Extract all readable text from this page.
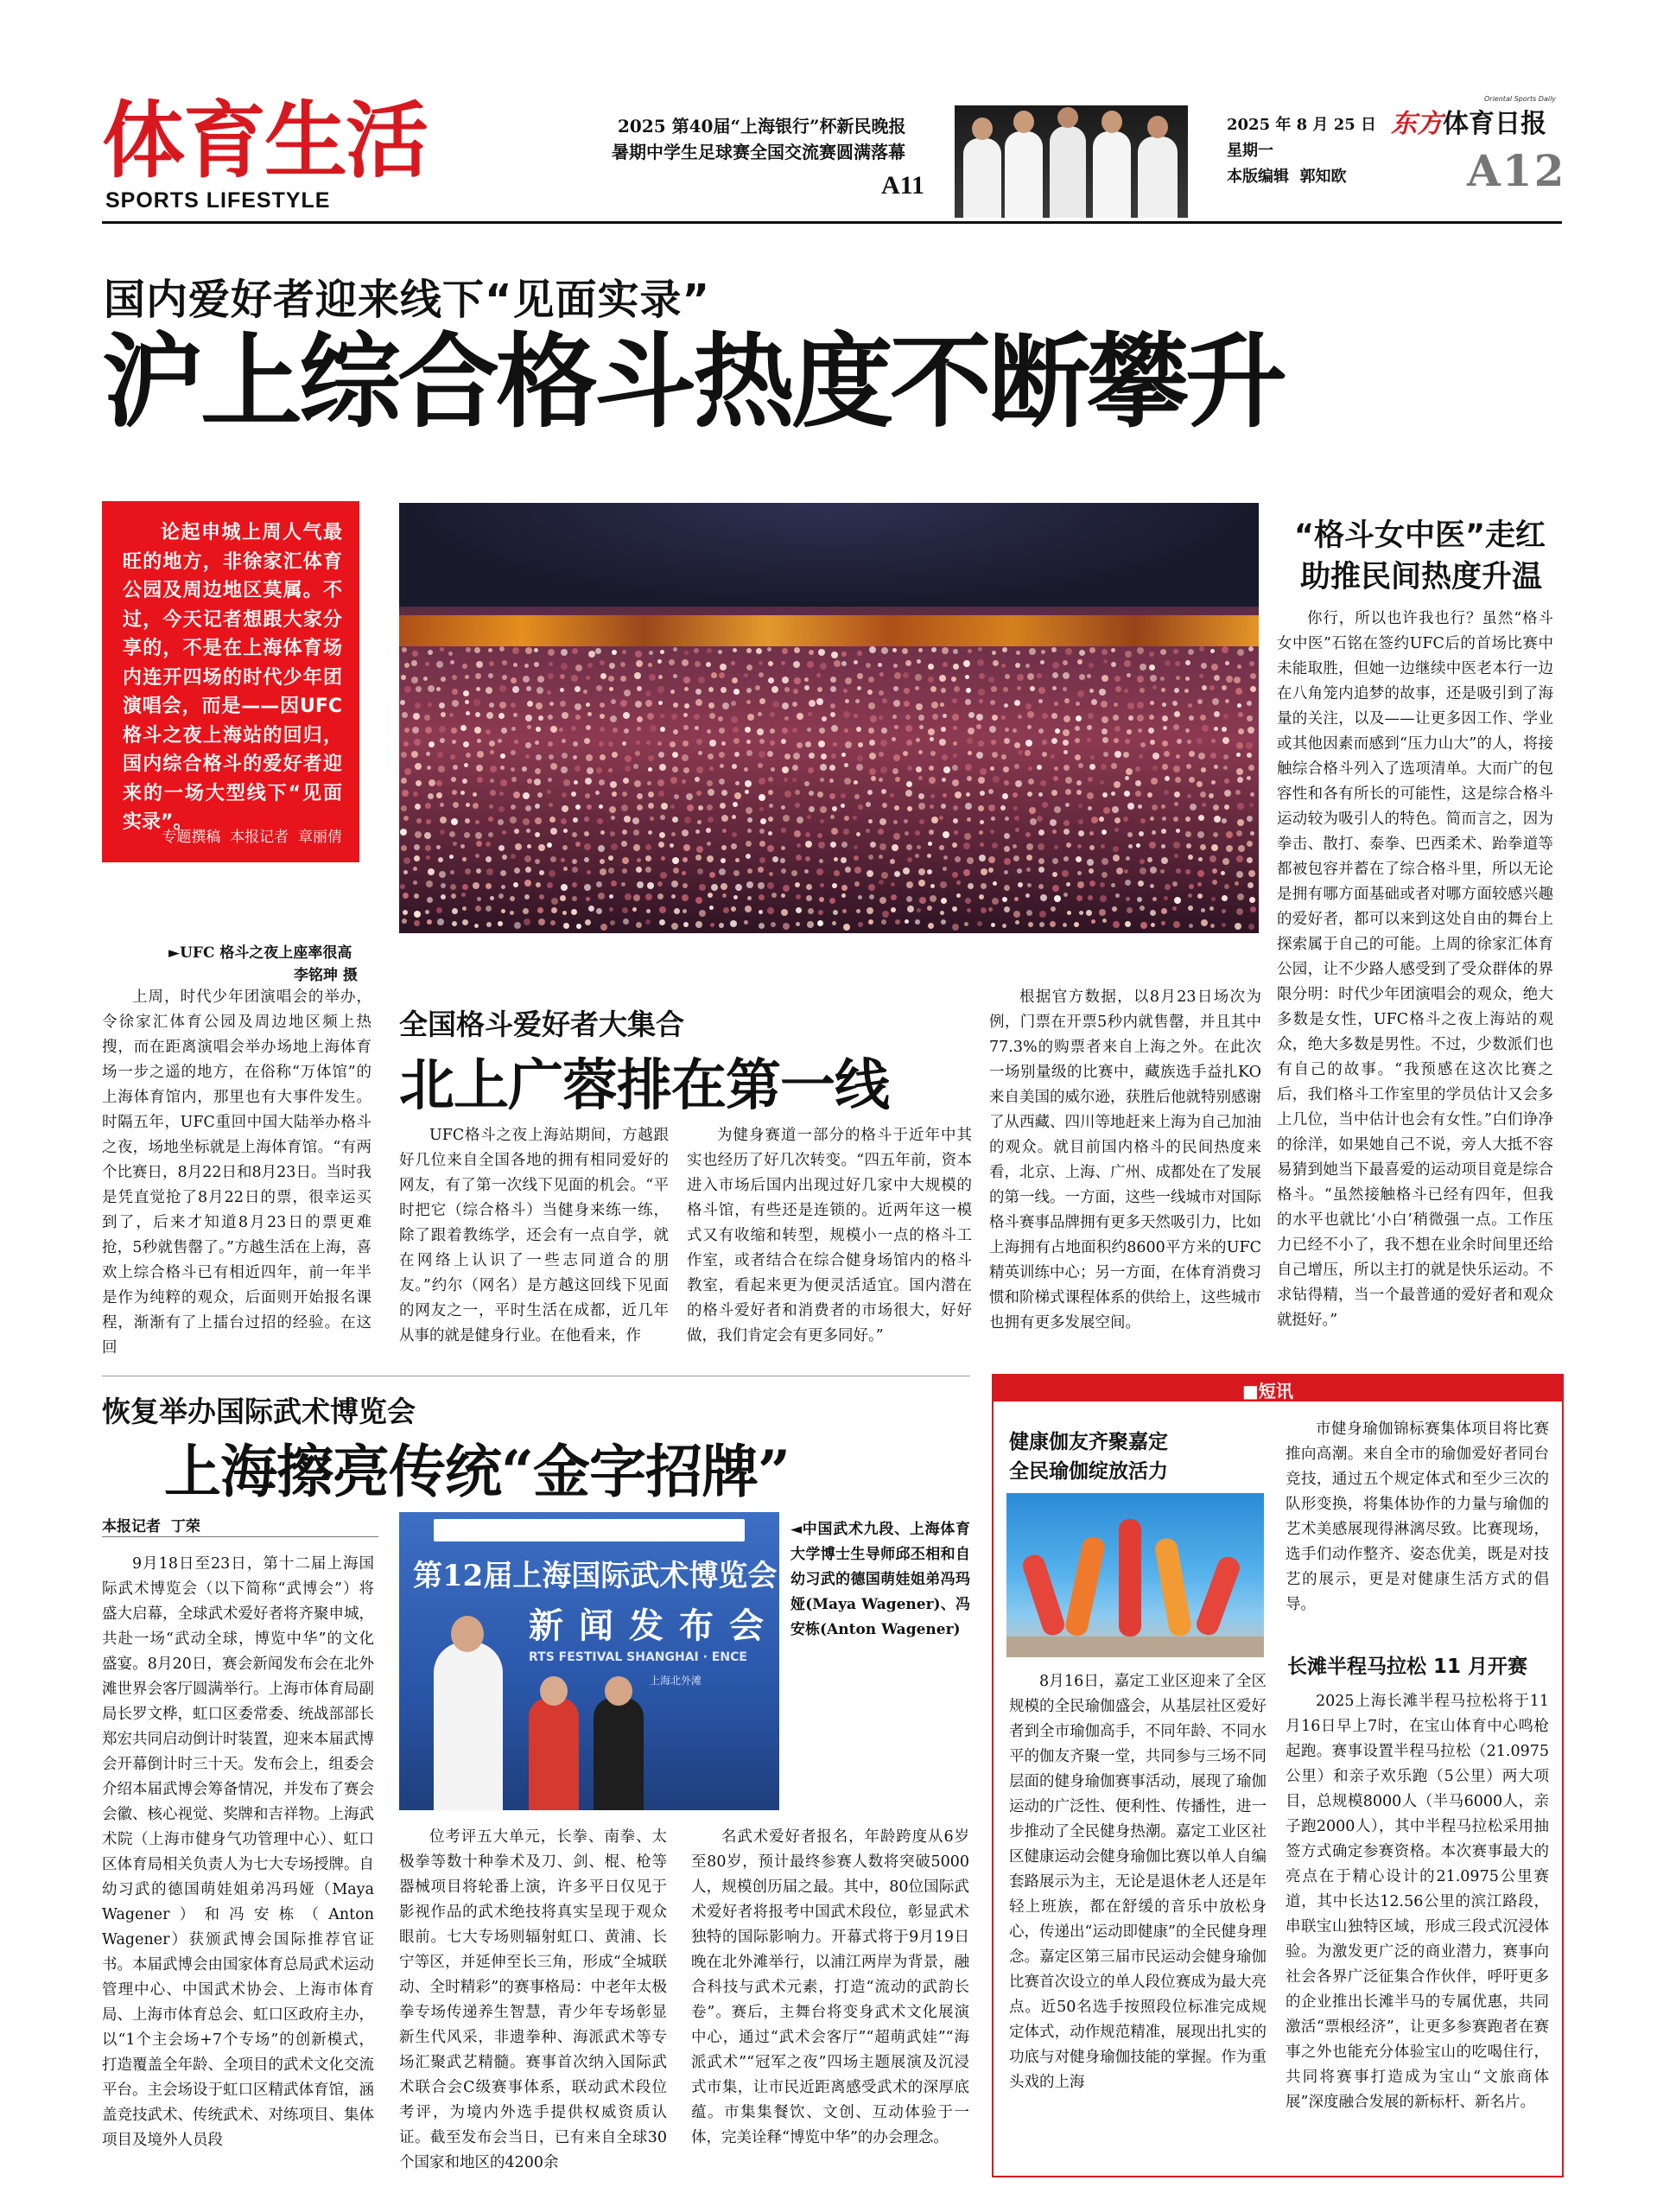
体育生活
SPORTS LIFESTYLE
2025 第40届“上海银行”杯新民晚报
暑期中学生足球赛全国交流赛圆满落幕
A11
2025 年 8 月 25 日
星期一
本版编辑  郭知欧
东方体育日报
Oriental Sports Daily
A12
国内爱好者迎来线下“见面实录”
沪上综合格斗热度不断攀升
论起申城上周人气最旺的地方，非徐家汇体育公园及周边地区莫属。不过，今天记者想跟大家分享的，不是在上海体育场内连开四场的时代少年团演唱会，而是——因UFC格斗之夜上海站的回归，国内综合格斗的爱好者迎来的一场大型线下“见面实录”。
专题撰稿  本报记者  章丽倩
►UFC 格斗之夜上座率很高
李铭珅 摄
“格斗女中医”走红
助推民间热度升温
你行，所以也许我也行？虽然“格斗女中医”石铭在签约UFC后的首场比赛中未能取胜，但她一边继续中医老本行一边在八角笼内追梦的故事，还是吸引到了海量的关注，以及——让更多因工作、学业或其他因素而感到“压力山大”的人，将接触综合格斗列入了选项清单。大而广的包容性和各有所长的可能性，这是综合格斗运动较为吸引人的特色。简而言之，因为拳击、散打、泰拳、巴西柔术、跆拳道等都被包容并蓄在了综合格斗里，所以无论是拥有哪方面基础或者对哪方面较感兴趣的爱好者，都可以来到这处自由的舞台上探索属于自己的可能。上周的徐家汇体育公园，让不少路人感受到了受众群体的界限分明：时代少年团演唱会的观众，绝大多数是女性，UFC格斗之夜上海站的观众，绝大多数是男性。不过，少数派们也有自己的故事。“我预感在这次比赛之后，我们格斗工作室里的学员估计又会多上几位，当中估计也会有女性。”白们诤净的徐洋，如果她自己不说，旁人大抵不容易猜到她当下最喜爱的运动项目竟是综合格斗。“虽然接触格斗已经有四年，但我的水平也就比‘小白’稍微强一点。工作压力已经不小了，我不想在业余时间里还给自己增压，所以主打的就是快乐运动。不求钻得精，当一个最普通的爱好者和观众就挺好。”
上周，时代少年团演唱会的举办，令徐家汇体育公园及周边地区频上热搜，而在距离演唱会举办场地上海体育场一步之遥的地方，在俗称“万体馆”的上海体育馆内，那里也有大事件发生。时隔五年，UFC重回中国大陆举办格斗之夜，场地坐标就是上海体育馆。“有两个比赛日，8月22日和8月23日。当时我是凭直觉抢了8月22日的票，很幸运买到了，后来才知道8月23日的票更难抢，5秒就售罄了。”方越生活在上海，喜欢上综合格斗已有相近四年，前一年半是作为纯粹的观众，后面则开始报名课程，渐渐有了上擂台过招的经验。在这回
全国格斗爱好者大集合
北上广蓉排在第一线
UFC格斗之夜上海站期间，方越跟好几位来自全国各地的拥有相同爱好的网友，有了第一次线下见面的机会。“平时把它（综合格斗）当健身来练一练，除了跟着教练学，还会有一点自学，就在网络上认识了一些志同道合的朋友。”约尔（网名）是方越这回线下见面的网友之一，平时生活在成都，近几年从事的就是健身行业。在他看来，作
为健身赛道一部分的格斗于近年中其实也经历了好几次转变。“四五年前，资本进入市场后国内出现过好几家中大规模的格斗馆，有些还是连锁的。近两年这一模式又有收缩和转型，规模小一点的格斗工作室，或者结合在综合健身场馆内的格斗教室，看起来更为便灵活适宜。国内潜在的格斗爱好者和消费者的市场很大，好好做，我们肯定会有更多同好。”
根据官方数据，以8月23日场次为例，门票在开票5秒内就售罄，并且其中77.3%的购票者来自上海之外。在此次一场别量级的比赛中，藏族选手益扎KO来自美国的威尔逊，获胜后他就特别感谢了从西藏、四川等地赶来上海为自己加油的观众。就目前国内格斗的民间热度来看，北京、上海、广州、成都处在了发展的第一线。一方面，这些一线城市对国际格斗赛事品牌拥有更多天然吸引力，比如上海拥有占地面积约8600平方米的UFC精英训练中心；另一方面，在体育消费习惯和阶梯式课程体系的供给上，这些城市也拥有更多发展空间。
恢复举办国际武术博览会
上海擦亮传统“金字招牌”
本报记者  丁荣
9月18日至23日，第十二届上海国际武术博览会（以下简称“武博会”）将盛大启幕，全球武术爱好者将齐聚申城，共赴一场“武动全球，博览中华”的文化盛宴。8月20日，赛会新闻发布会在北外滩世界会客厅圆满举行。上海市体育局副局长罗文桦，虹口区委常委、统战部部长郑宏共同启动倒计时装置，迎来本届武博会开幕倒计时三十天。发布会上，组委会介绍本届武博会筹备情况，并发布了赛会会徽、核心视觉、奖牌和吉祥物。上海武术院（上海市健身气功管理中心）、虹口区体育局相关负责人为七大专场授牌。自幼习武的德国萌娃姐弟冯玛娅（Maya Wagener）和冯安栋（Anton Wagener）获颁武博会国际推荐官证书。本届武博会由国家体育总局武术运动管理中心、中国武术协会、上海市体育局、上海市体育总会、虹口区政府主办，以“1个主会场+7个专场”的创新模式，打造覆盖全年龄、全项目的武术文化交流平台。主会场设于虹口区精武体育馆，涵盖竞技武术、传统武术、对练项目、集体项目及境外人员段
第12届上海国际武术博览会
新闻发布会
RTS FESTIVAL SHANGHAI · ENCE
上海北外滩
◄中国武术九段、上海体育大学博士生导师邱丕相和自幼习武的德国萌娃姐弟冯玛娅(Maya Wagener)、冯安栋(Anton Wagener)
位考评五大单元，长拳、南拳、太极拳等数十种拳术及刀、剑、棍、枪等器械项目将轮番上演，许多平日仅见于影视作品的武术绝技将真实呈现于观众眼前。七大专场则辐射虹口、黄浦、长宁等区，并延伸至长三角，形成“全城联动、全时精彩”的赛事格局：中老年太极拳专场传递养生智慧，青少年专场彰显新生代风采，非遗拳种、海派武术等专场汇聚武艺精髓。赛事首次纳入国际武术联合会C级赛事体系，联动武术段位考评，为境内外选手提供权威资质认证。截至发布会当日，已有来自全球30个国家和地区的4200余
名武术爱好者报名，年龄跨度从6岁至80岁，预计最终参赛人数将突破5000人，规模创历届之最。其中，80位国际武术爱好者将报考中国武术段位，彰显武术独特的国际影响力。开幕式将于9月19日晚在北外滩举行，以浦江两岸为背景，融合科技与武术元素，打造“流动的武韵长卷”。赛后，主舞台将变身武术文化展演中心，通过“武术会客厅”“超萌武娃”“海派武术”“冠军之夜”四场主题展演及沉浸式市集，让市民近距离感受武术的深厚底蕴。市集集餐饮、文创、互动体验于一体，完美诠释“博览中华”的办会理念。
■短讯
健康伽友齐聚嘉定
全民瑜伽绽放活力
8月16日，嘉定工业区迎来了全区规模的全民瑜伽盛会，从基层社区爱好者到全市瑜伽高手，不同年龄、不同水平的伽友齐聚一堂，共同参与三场不同层面的健身瑜伽赛事活动，展现了瑜伽运动的广泛性、便利性、传播性，进一步推动了全民健身热潮。嘉定工业区社区健康运动会健身瑜伽比赛以单人自编套路展示为主，无论是退休老人还是年轻上班族，都在舒缓的音乐中放松身心，传递出“运动即健康”的全民健身理念。嘉定区第三届市民运动会健身瑜伽比赛首次设立的单人段位赛成为最大亮点。近50名选手按照段位标准完成规定体式，动作规范精准，展现出扎实的功底与对健身瑜伽技能的掌握。作为重头戏的上海
市健身瑜伽锦标赛集体项目将比赛推向高潮。来自全市的瑜伽爱好者同台竞技，通过五个规定体式和至少三次的队形变换，将集体协作的力量与瑜伽的艺术美感展现得淋漓尽致。比赛现场，选手们动作整齐、姿态优美，既是对技艺的展示，更是对健康生活方式的倡导。
长滩半程马拉松 11 月开赛
2025上海长滩半程马拉松将于11月16日早上7时，在宝山体育中心鸣枪起跑。赛事设置半程马拉松（21.0975公里）和亲子欢乐跑（5公里）两大项目，总规模8000人（半马6000人，亲子跑2000人），其中半程马拉松采用抽签方式确定参赛资格。本次赛事最大的亮点在于精心设计的21.0975公里赛道，其中长达12.56公里的滨江路段，串联宝山独特区域，形成三段式沉浸体验。为激发更广泛的商业潜力，赛事向社会各界广泛征集合作伙伴，呼吁更多的企业推出长滩半马的专属优惠，共同激活“票根经济”，让更多参赛跑者在赛事之外也能充分体验宝山的吃喝住行，共同将赛事打造成为宝山“文旅商体展”深度融合发展的新标杆、新名片。
